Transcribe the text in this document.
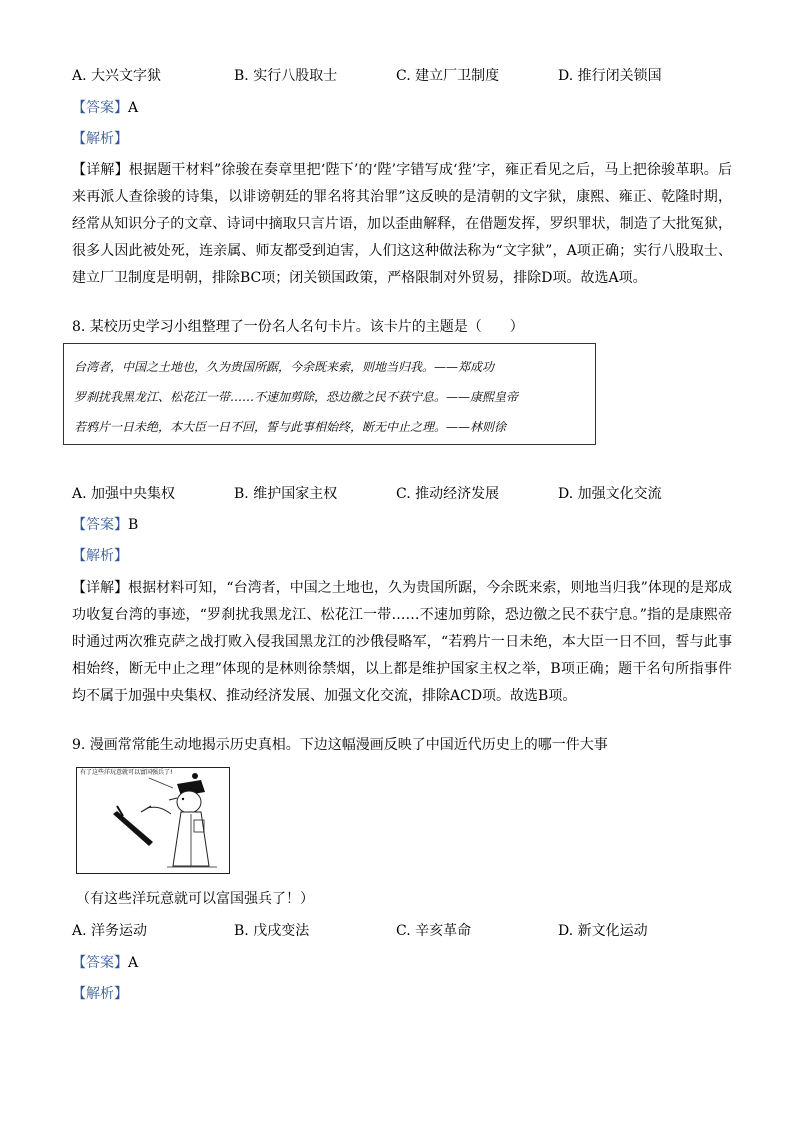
A. 大兴文字狱	B. 实行八股取士	C. 建立厂卫制度	D. 推行闭关锁国
【答案】A
【解析】
【详解】根据题干材料”徐骏在奏章里把‘陛下’的‘陛’字错写成‘狴’字，雍正看见之后，马上把徐骏革职。后来再派人查徐骏的诗集，以诽谤朝廷的罪名将其治罪”这反映的是清朝的文字狱，康熙、雍正、乾隆时期，经常从知识分子的文章、诗词中摘取只言片语，加以歪曲解释，在借题发挥，罗织罪状，制造了大批冤狱，很多人因此被处死，连亲属、师友都受到迫害，人们这这种做法称为“文字狱”，A项正确；实行八股取士、建立厂卫制度是明朝，排除BC项；闭关锁国政策，严格限制对外贸易，排除D项。故选A项。
8. 某校历史学习小组整理了一份名人名句卡片。该卡片的主题是（　　）
台湾者，中国之土地也，久为贵国所踞，今余既来索，则地当归我。——郑成功
罗刹扰我黑龙江、松花江一带……不速加剪除，恐边徼之民不获宁息。——康熙皇帝
若鸦片一日未绝，本大臣一日不回，誓与此事相始终，断无中止之理。——林则徐
A. 加强中央集权	B. 维护国家主权	C. 推动经济发展	D. 加强文化交流
【答案】B
【解析】
【详解】根据材料可知，“台湾者，中国之土地也，久为贵国所踞，今余既来索，则地当归我”体现的是郑成功收复台湾的事迹，“罗刹扰我黑龙江、松花江一带……不速加剪除，恐边徼之民不获宁息。”指的是康熙帝时通过两次雅克萨之战打败入侵我国黑龙江的沙俄侵略军，“若鸦片一日未绝，本大臣一日不回，誓与此事相始终，断无中止之理”体现的是林则徐禁烟，以上都是维护国家主权之举，B项正确；题干名句所指事件均不属于加强中央集权、推动经济发展、加强文化交流，排除ACD项。故选B项。
9. 漫画常常能生动地揭示历史真相。下边这幅漫画反映了中国近代历史上的哪一件大事
有了这些洋玩意就可以富国强兵了!
（有这些洋玩意就可以富国强兵了！）
A. 洋务运动	B. 戊戌变法	C. 辛亥革命	D. 新文化运动
【答案】A
【解析】
